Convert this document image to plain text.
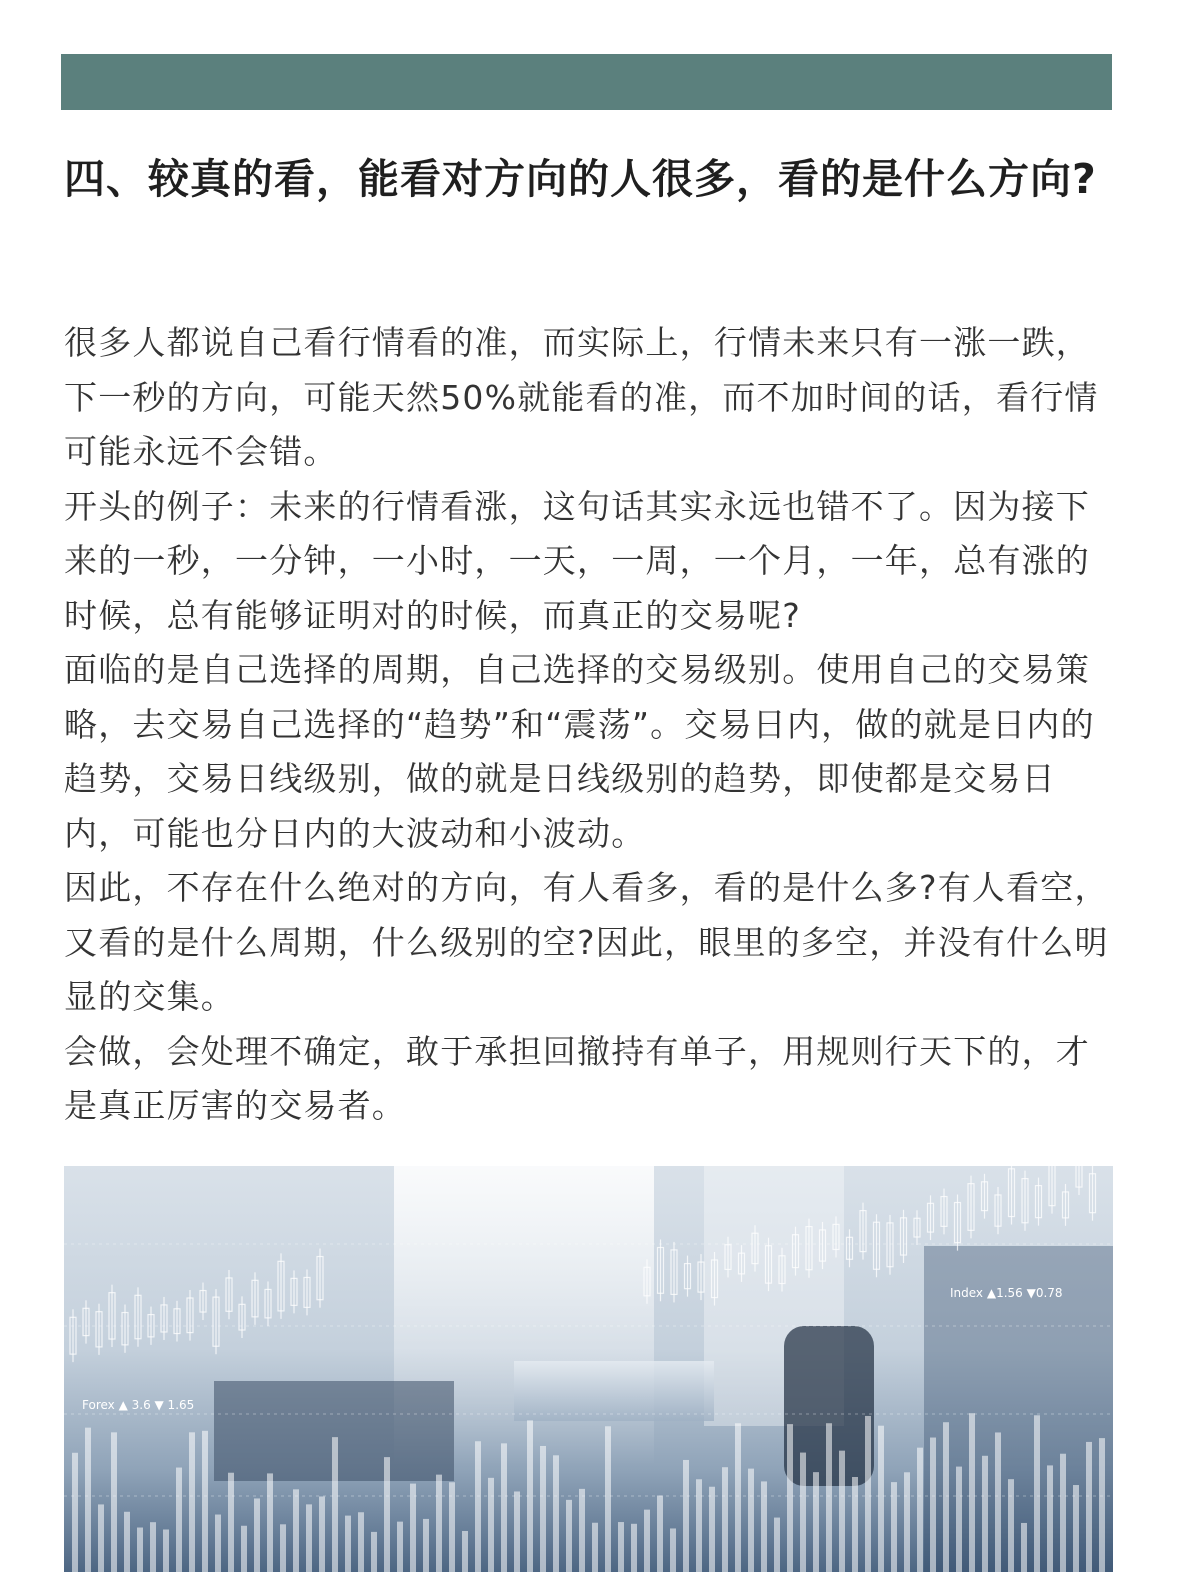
四、较真的看，能看对方向的人很多，看的是什么方向?

很多人都说自己看行情看的准，而实际上，行情未来只有一涨一跌，下一秒的方向，可能天然50%就能看的准，而不加时间的话，看行情可能永远不会错。

开头的例子：未来的行情看涨，这句话其实永远也错不了。因为接下来的一秒，一分钟，一小时，一天，一周，一个月，一年，总有涨的时候，总有能够证明对的时候，而真正的交易呢?

面临的是自己选择的周期，自己选择的交易级别。使用自己的交易策略，去交易自己选择的“趋势”和“震荡”。交易日内，做的就是日内的趋势，交易日线级别，做的就是日线级别的趋势，即使都是交易日内，可能也分日内的大波动和小波动。

因此，不存在什么绝对的方向，有人看多，看的是什么多?有人看空，又看的是什么周期，什么级别的空?因此，眼里的多空，并没有什么明显的交集。

会做，会处理不确定，敢于承担回撤持有单子，用规则行天下的，才是真正厉害的交易者。

Index ▲1.56 ▼0.78
Forex ▲ 3.6 ▼ 1.65
